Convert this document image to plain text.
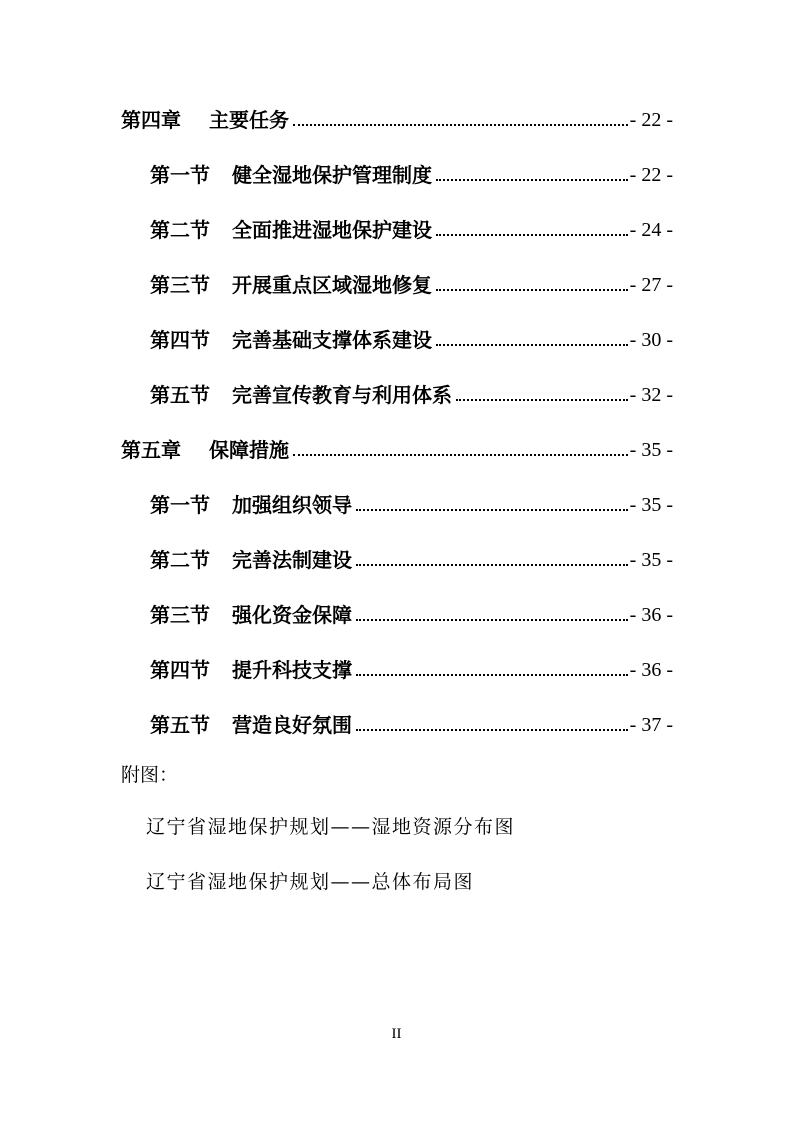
第四章 主要任务	- 22 -
第一节 健全湿地保护管理制度	- 22 -
第二节 全面推进湿地保护建设	- 24 -
第三节 开展重点区域湿地修复	- 27 -
第四节 完善基础支撑体系建设	- 30 -
第五节 完善宣传教育与利用体系	- 32 -
第五章 保障措施	- 35 -
第一节 加强组织领导	- 35 -
第二节 完善法制建设	- 35 -
第三节 强化资金保障	- 36 -
第四节 提升科技支撑	- 36 -
第五节 营造良好氛围	- 37 -
附图：
辽宁省湿地保护规划——湿地资源分布图
辽宁省湿地保护规划——总体布局图
II
